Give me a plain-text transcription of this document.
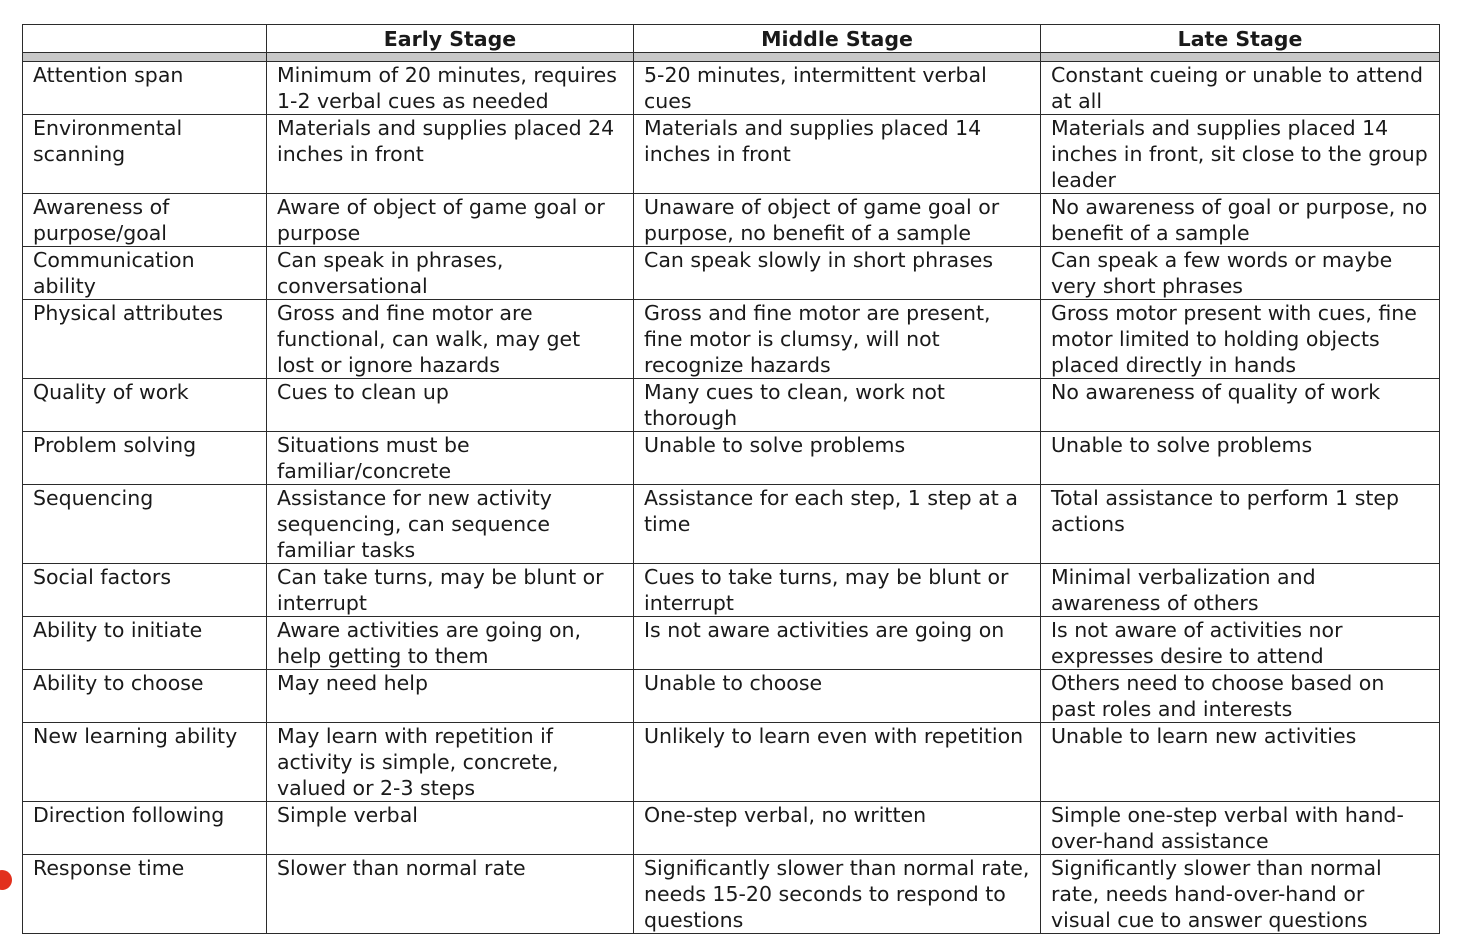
	Early Stage	Middle Stage	Late Stage

Attention span	Minimum of 20 minutes, requires 1-2 verbal cues as needed	5-20 minutes, intermittent verbal cues	Constant cueing or unable to attend at all
Environmental scanning	Materials and supplies placed 24 inches in front	Materials and supplies placed 14 inches in front	Materials and supplies placed 14 inches in front, sit close to the group leader
Awareness of purpose/goal	Aware of object of game goal or purpose	Unaware of object of game goal or purpose, no benefit of a sample	No awareness of goal or purpose, no benefit of a sample
Communication ability	Can speak in phrases, conversational	Can speak slowly in short phrases	Can speak a few words or maybe very short phrases
Physical attributes	Gross and fine motor are functional, can walk, may get lost or ignore hazards	Gross and fine motor are present, fine motor is clumsy, will not recognize hazards	Gross motor present with cues, fine motor limited to holding objects placed directly in hands
Quality of work	Cues to clean up	Many cues to clean, work not thorough	No awareness of quality of work
Problem solving	Situations must be familiar/concrete	Unable to solve problems	Unable to solve problems
Sequencing	Assistance for new activity sequencing, can sequence familiar tasks	Assistance for each step, 1 step at a time	Total assistance to perform 1 step actions
Social factors	Can take turns, may be blunt or interrupt	Cues to take turns, may be blunt or interrupt	Minimal verbalization and awareness of others
Ability to initiate	Aware activities are going on, help getting to them	Is not aware activities are going on	Is not aware of activities nor expresses desire to attend
Ability to choose	May need help	Unable to choose	Others need to choose based on past roles and interests
New learning ability	May learn with repetition if activity is simple, concrete, valued or 2-3 steps	Unlikely to learn even with repetition	Unable to learn new activities
Direction following	Simple verbal	One-step verbal, no written	Simple one-step verbal with hand-over-hand assistance
Response time	Slower than normal rate	Significantly slower than normal rate, needs 15-20 seconds to respond to questions	Significantly slower than normal rate, needs hand-over-hand or visual cue to answer questions
